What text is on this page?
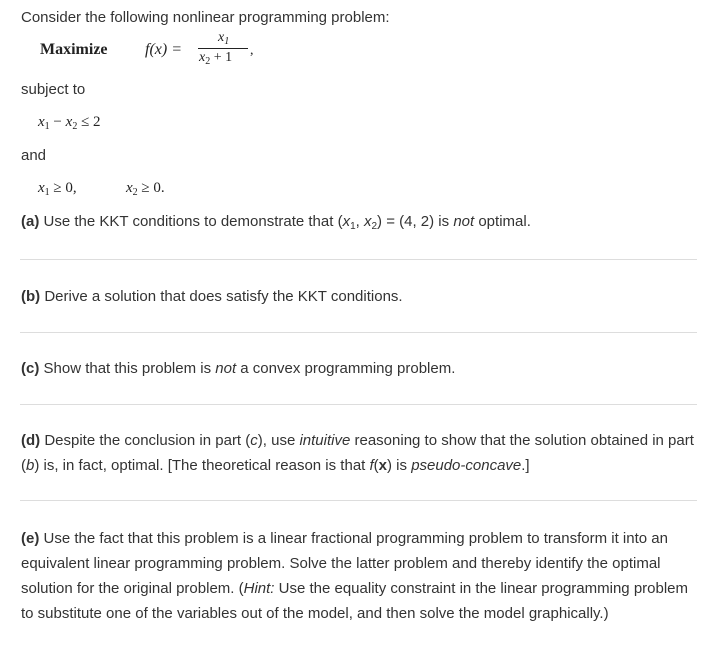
Consider the following nonlinear programming problem:
Maximize f(x) =
$x_1$
$x_2 + 1$ ,
subject to
$x_1 - x_2 \le 2$
and
$x_1 \ge 0$,	$x_2 \ge 0$.
(a) Use the KKT conditions to demonstrate that ($x_1$, $x_2) = (4$, 2) is not optimal.
(b) Derive a solution that does satisfy the KKT conditions.
(c) Show that this problem is not a convex programming problem.
(d) Despite the conclusion in part (c), use intuitive reasoning to show that the solution obtained in part (b) is, in fact, optimal. [The theoretical reason is that f(x) is pseudo-concave.]
(e) Use the fact that this problem is a linear fractional programming problem to transform it into an equivalent linear programming problem. Solve the latter problem and thereby identify the optimal solution for the original problem. (Hint: Use the equality constraint in the linear programming problem to substitute one of the variables out of the model, and then solve the model graphically.)
